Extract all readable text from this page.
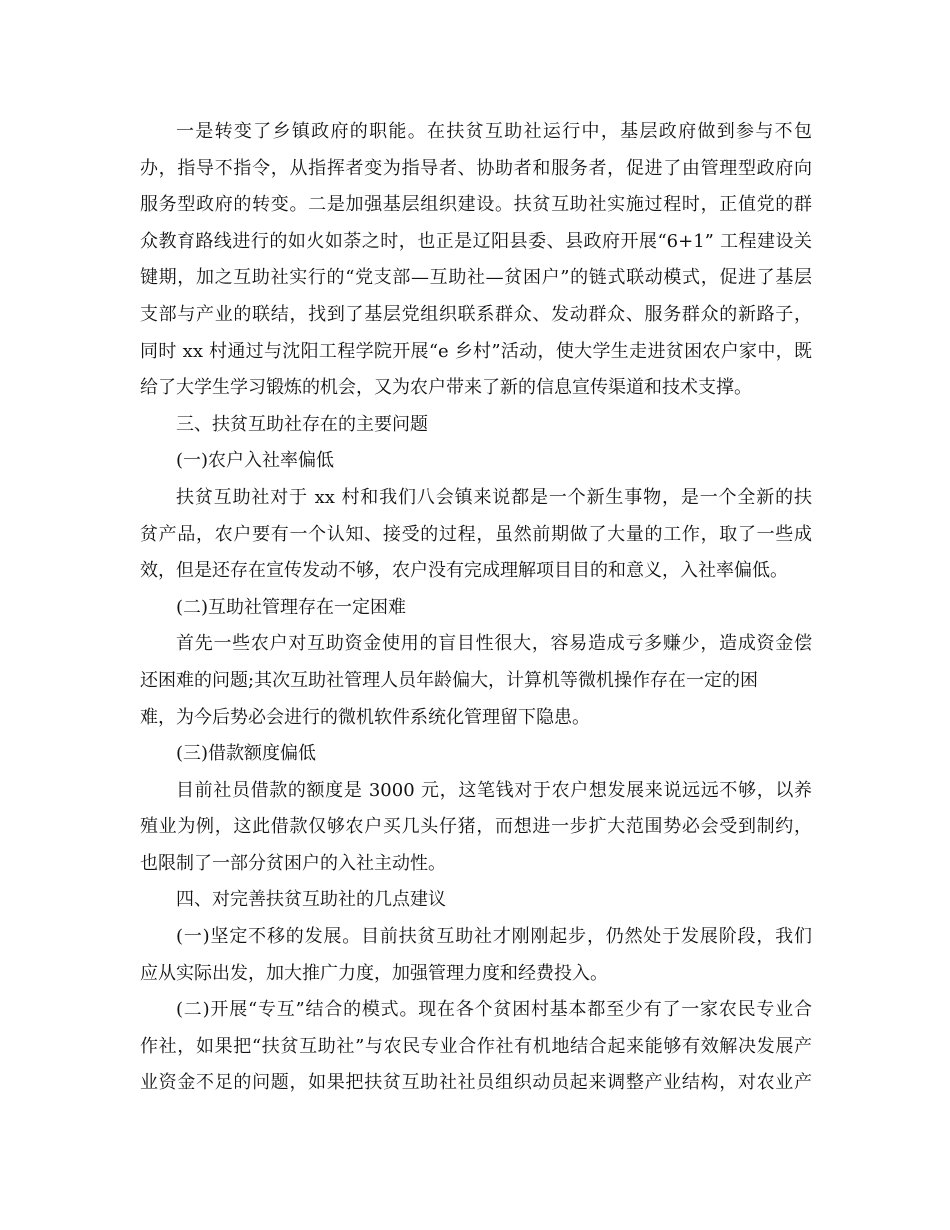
一是转变了乡镇政府的职能。在扶贫互助社运行中，基层政府做到参与不包
办，指导不指令，从指挥者变为指导者、协助者和服务者，促进了由管理型政府向
服务型政府的转变。二是加强基层组织建设。扶贫互助社实施过程时，正值党的群
众教育路线进行的如火如荼之时，也正是辽阳县委、县政府开展“6+1” 工程建设关
键期，加之互助社实行的“党支部—互助社—贫困户”的链式联动模式，促进了基层
支部与产业的联结，找到了基层党组织联系群众、发动群众、服务群众的新路子，
同时 xx 村通过与沈阳工程学院开展“e 乡村”活动，使大学生走进贫困农户家中，既
给了大学生学习锻炼的机会，又为农户带来了新的信息宣传渠道和技术支撑。
三、扶贫互助社存在的主要问题
(一)农户入社率偏低
扶贫互助社对于 xx 村和我们八会镇来说都是一个新生事物，是一个全新的扶
贫产品，农户要有一个认知、接受的过程，虽然前期做了大量的工作，取了一些成
效，但是还存在宣传发动不够，农户没有完成理解项目目的和意义，入社率偏低。
(二)互助社管理存在一定困难
首先一些农户对互助资金使用的盲目性很大，容易造成亏多赚少，造成资金偿
还困难的问题;其次互助社管理人员年龄偏大，计算机等微机操作存在一定的困
难，为今后势必会进行的微机软件系统化管理留下隐患。
(三)借款额度偏低
目前社员借款的额度是 3000 元，这笔钱对于农户想发展来说远远不够，以养
殖业为例，这此借款仅够农户买几头仔猪，而想进一步扩大范围势必会受到制约，
也限制了一部分贫困户的入社主动性。
四、对完善扶贫互助社的几点建议
(一)坚定不移的发展。目前扶贫互助社才刚刚起步，仍然处于发展阶段，我们
应从实际出发，加大推广力度，加强管理力度和经费投入。
(二)开展“专互”结合的模式。现在各个贫困村基本都至少有了一家农民专业合
作社，如果把“扶贫互助社”与农民专业合作社有机地结合起来能够有效解决发展产
业资金不足的问题，如果把扶贫互助社社员组织动员起来调整产业结构，对农业产
